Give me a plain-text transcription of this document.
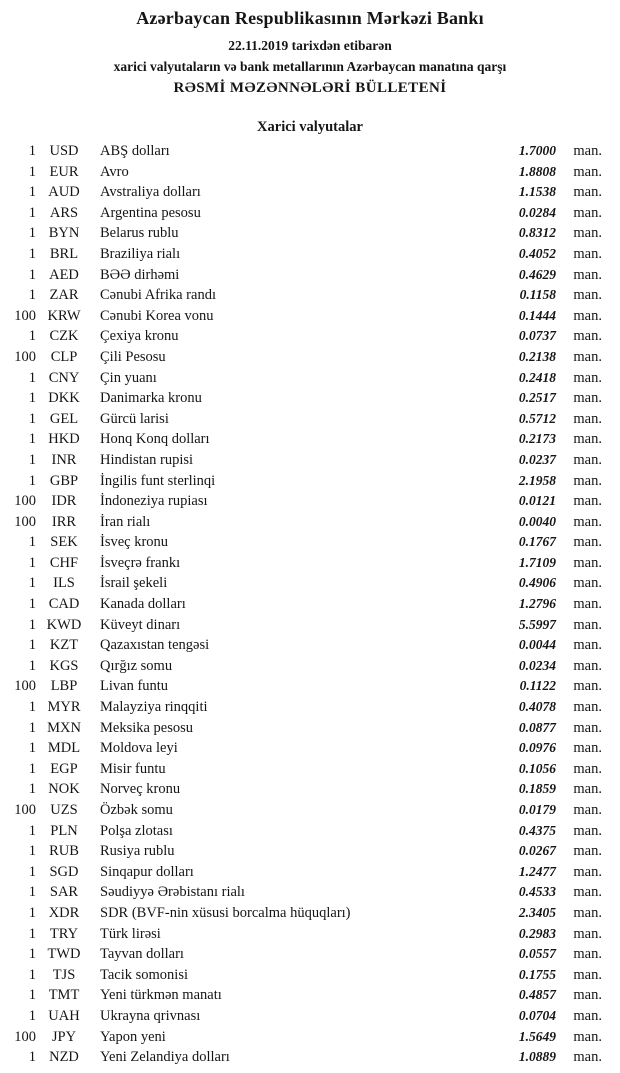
Azərbaycan Respublikasının Mərkəzi Bankı
22.11.2019 tarixdən etibarən
xarici valyutaların və bank metallarının Azərbaycan manatına qarşı
RƏSMİ MƏZƏNNƏLƏRİ BÜLLETENİ
Xarici valyutalar
1 USD	ABŞ dolları	1.7000	man.
1 EUR	Avro	1.8808	man.
1 AUD	Avstraliya dolları	1.1538	man.
1 ARS	Argentina pesosu	0.0284	man.
1 BYN	Belarus rublu	0.8312	man.
1 BRL	Braziliya rialı	0.4052	man.
1 AED	BƏƏ dirhəmi	0.4629	man.
1 ZAR	Cənubi Afrika randı	0.1158	man.
100 KRW	Cənubi Korea vonu	0.1444	man.
1 CZK	Çexiya kronu	0.0737	man.
100	CLP	Çili Pesosu	0.2138	man.
1 CNY	Çin yuanı	0.2418	man.
1 DKK	Danimarka kronu	0.2517	man.
1 GEL	Gürcü larisi	0.5712	man.
1 HKD	Honq Konq dolları	0.2173	man.
1	INR	Hindistan rupisi	0.0237	man.
1 GBP	İngilis funt sterlinqi	2.1958	man.
100	IDR	İndoneziya rupiası	0.0121	man.
100	IRR	İran rialı	0.0040	man.
1 SEK	İsveç kronu	0.1767	man.
1 CHF	İsveçrə frankı	1.7109	man.
1	ILS	İsrail şekeli	0.4906	man.
1 CAD	Kanada dolları	1.2796	man.
1 KWD	Küveyt dinarı	5.5997	man.
1 KZT	Qazaxıstan tengəsi	0.0044	man.
1 KGS	Qırğız somu	0.0234	man.
100	LBP	Livan funtu	0.1122	man.
1 MYR	Malayziya rinqqiti	0.4078	man.
1 MXN	Meksika pesosu	0.0877	man.
1 MDL	Moldova leyi	0.0976	man.
1 EGP	Misir funtu	0.1056	man.
1 NOK	Norveç kronu	0.1859	man.
100 UZS	Özbək somu	0.0179	man.
1 PLN	Polşa zlotası	0.4375	man.
1 RUB	Rusiya rublu	0.0267	man.
1 SGD	Sinqapur dolları	1.2477	man.
1 SAR	Səudiyyə Ərəbistanı rialı	0.4533	man.
1 XDR	SDR (BVF-nin xüsusi borcalma hüquqları)	2.3405	man.
1 TRY	Türk lirəsi	0.2983	man.
1 TWD	Tayvan dolları	0.0557	man.
1	TJS	Tacik somonisi	0.1755	man.
1 TMT	Yeni türkmən manatı	0.4857	man.
1 UAH	Ukrayna qrivnası	0.0704	man.
100	JPY	Yapon yeni	1.5649	man.
1 NZD	Yeni Zelandiya dolları	1.0889	man.
